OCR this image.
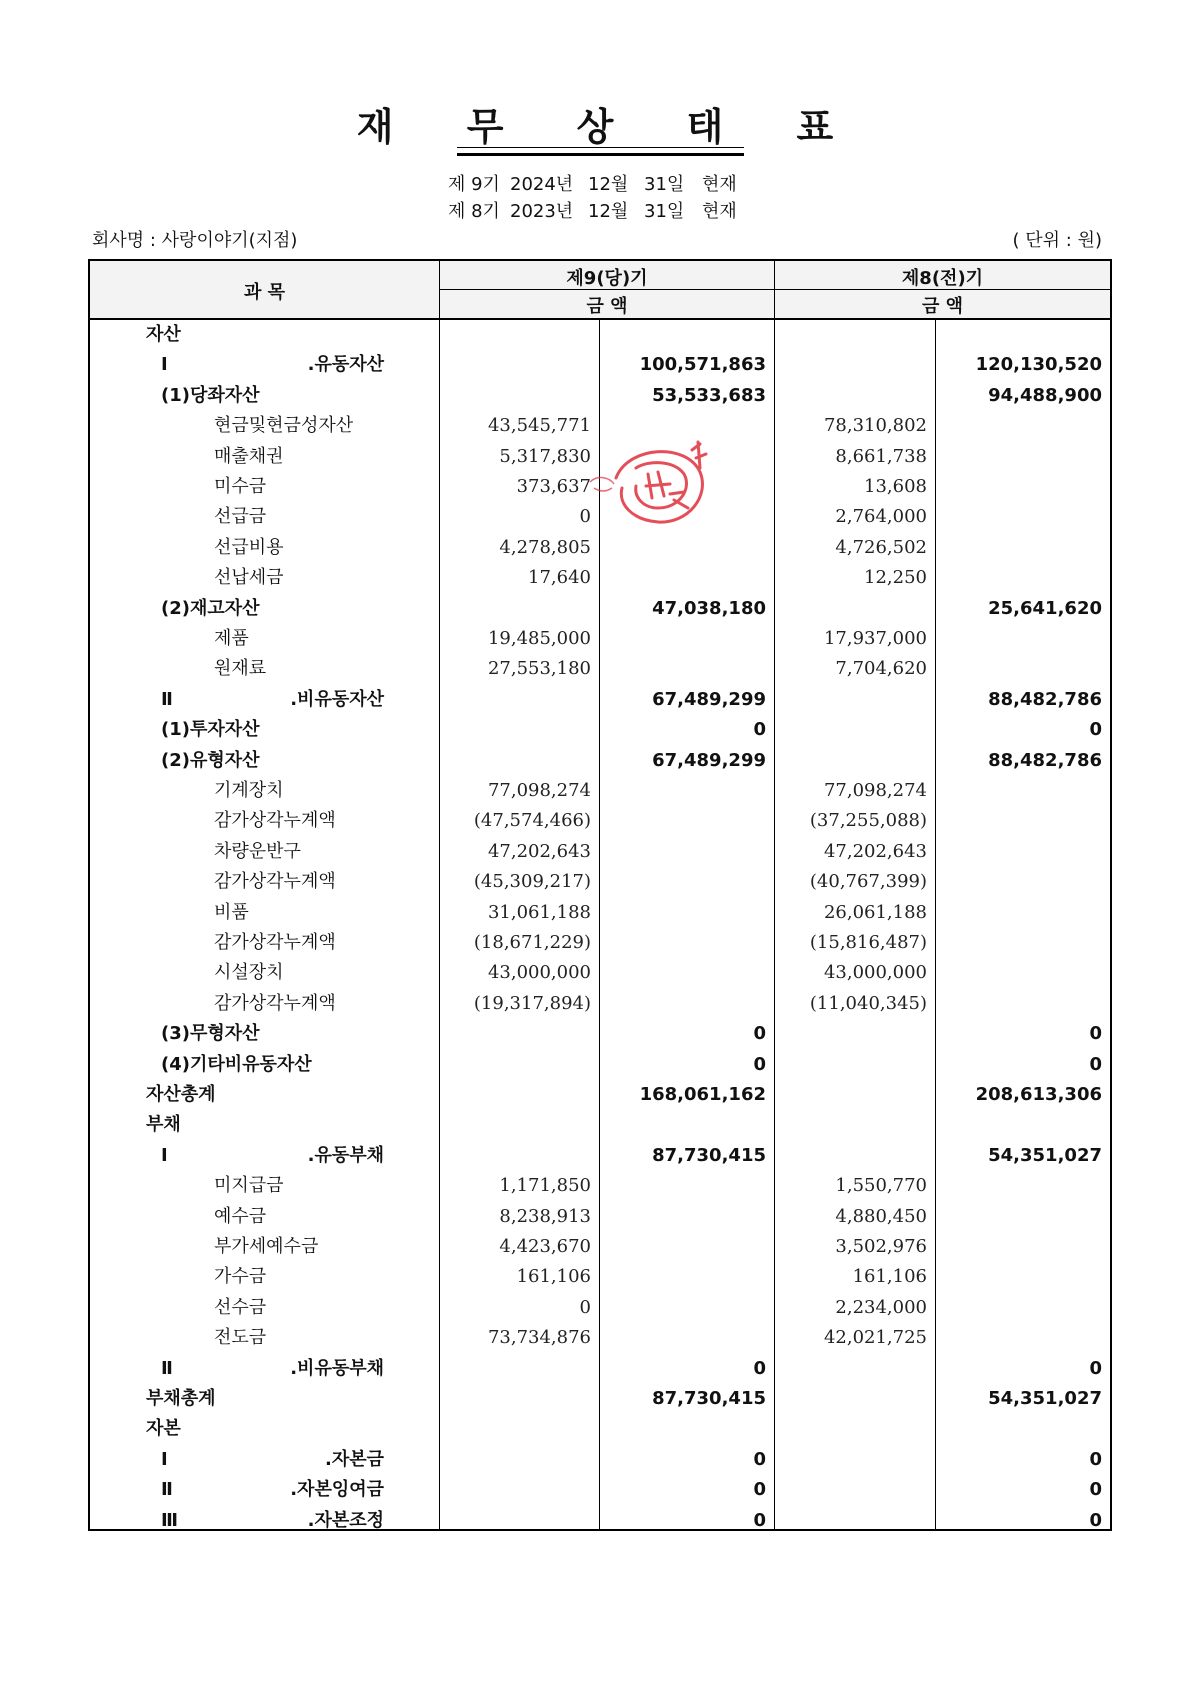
재 무 상 태 표
제 9기 2024년 12월 31일 현재
제 8기 2023년 12월 31일 현재
회사명 : 사랑이야기(지점)	( 단위 : 원)
과 목
제9(당)기	제8(전)기
금 액	금 액
자산
Ⅰ.유동자산	100,571,863	120,130,520
(1)당좌자산	53,533,683	94,488,900
현금및현금성자산	43,545,771	78,310,802
매출채권	5,317,830	8,661,738
미수금	373,637	13,608
선급금	0	2,764,000
선급비용	4,278,805	4,726,502
선납세금	17,640	12,250
(2)재고자산	47,038,180	25,641,620
제품	19,485,000	17,937,000
원재료	27,553,180	7,704,620
Ⅱ.비유동자산	67,489,299	88,482,786
(1)투자자산	0	0
(2)유형자산	67,489,299	88,482,786
기계장치	77,098,274	77,098,274
감가상각누계액	(47,574,466)	(37,255,088)
차량운반구	47,202,643	47,202,643
감가상각누계액	(45,309,217)	(40,767,399)
비품	31,061,188	26,061,188
감가상각누계액	(18,671,229)	(15,816,487)
시설장치	43,000,000	43,000,000
감가상각누계액	(19,317,894)	(11,040,345)
(3)무형자산	0	0
(4)기타비유동자산	0	0
자산총계	168,061,162	208,613,306
부채
Ⅰ.유동부채	87,730,415	54,351,027
미지급금	1,171,850	1,550,770
예수금	8,238,913	4,880,450
부가세예수금	4,423,670	3,502,976
가수금	161,106	161,106
선수금	0	2,234,000
전도금	73,734,876	42,021,725
Ⅱ.비유동부채	0	0
부채총계	87,730,415	54,351,027
자본
Ⅰ.자본금	0	0
Ⅱ.자본잉여금	0	0
Ⅲ.자본조정	0	0
